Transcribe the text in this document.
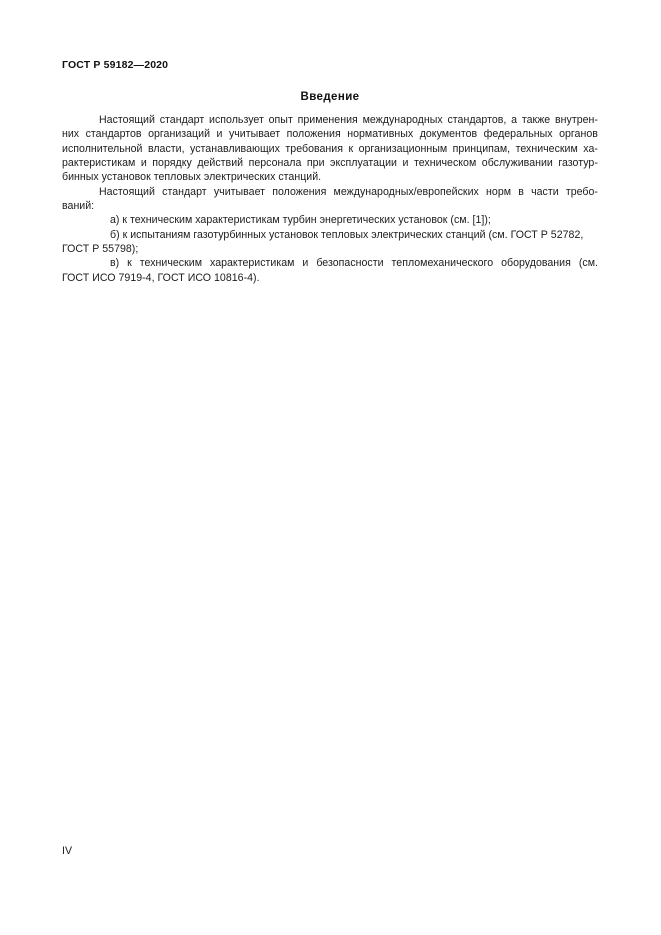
ГОСТ Р 59182—2020
Введение
Настоящий стандарт использует опыт применения международных стандартов, а также внутрен-
них стандартов организаций и учитывает положения нормативных документов федеральных органов
исполнительной власти, устанавливающих требования к организационным принципам, техническим ха-
рактеристикам и порядку действий персонала при эксплуатации и техническом обслуживании газотур-
бинных установок тепловых электрических станций.
Настоящий стандарт учитывает положения международных/европейских норм в части требо-
ваний:
а) к техническим характеристикам турбин энергетических установок (см. [1]);
б) к испытаниям газотурбинных установок тепловых электрических станций (см. ГОСТ Р 52782,
ГОСТ Р 55798);
в) к техническим характеристикам и безопасности тепломеханического оборудования (см.
ГОСТ ИСО 7919-4, ГОСТ ИСО 10816-4).
IV
